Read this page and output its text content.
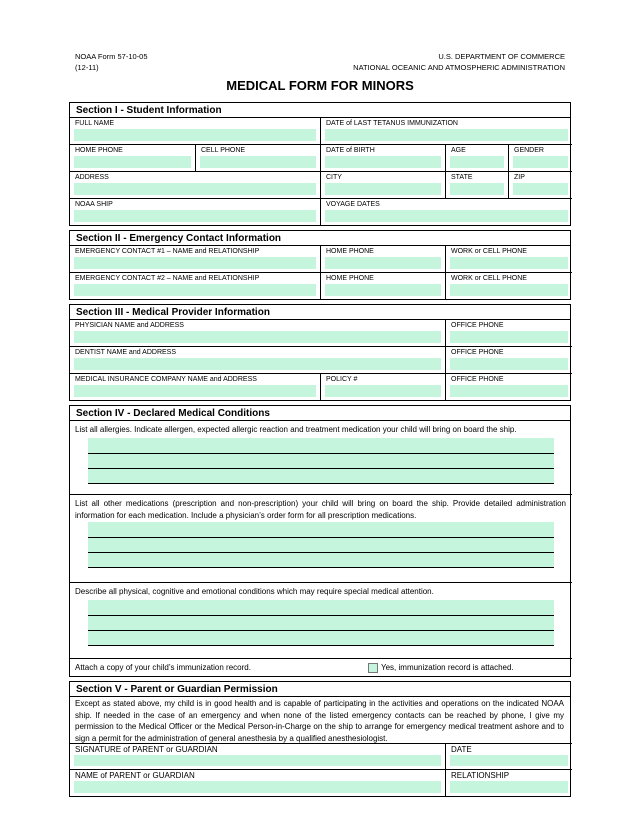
NOAA Form 57-10-05
(12-11)
U.S. DEPARTMENT OF COMMERCE
NATIONAL OCEANIC AND ATMOSPHERIC ADMINISTRATION
MEDICAL FORM FOR MINORS
Section I - Student Information
FULL NAME	DATE of LAST TETANUS IMMUNIZATION
HOME PHONE	CELL PHONE	DATE of BIRTH	AGE	GENDER
ADDRESS	CITY	STATE	ZIP
NOAA SHIP	VOYAGE DATES
Section II - Emergency Contact Information
EMERGENCY CONTACT #1 – NAME and RELATIONSHIP	HOME PHONE	WORK or CELL PHONE
EMERGENCY CONTACT #2 – NAME and RELATIONSHIP	HOME PHONE	WORK or CELL PHONE
Section III - Medical Provider Information
PHYSICIAN NAME and ADDRESS	OFFICE PHONE
DENTIST NAME and ADDRESS	OFFICE PHONE
MEDICAL INSURANCE COMPANY NAME and ADDRESS	POLICY #	OFFICE PHONE
Section IV - Declared Medical Conditions
List all allergies. Indicate allergen, expected allergic reaction and treatment medication your child will bring on board the ship.
List all other medications (prescription and non-prescription) your child will bring on board the ship. Provide detailed administration information for each medication. Include a physician’s order form for all prescription medications.
Describe all physical, cognitive and emotional conditions which may require special medical attention.
Attach a copy of your child’s immunization record.	Yes, immunization record is attached.
Section V - Parent or Guardian Permission
Except as stated above, my child is in good health and is capable of participating in the activities and operations on the indicated NOAA ship. If needed in the case of an emergency and when none of the listed emergency contacts can be reached by phone, I give my permission to the Medical Officer or the Medical Person-in-Charge on the ship to arrange for emergency medical treatment ashore and to sign a permit for the administration of general anesthesia by a qualified anesthesiologist.
SIGNATURE of PARENT or GUARDIAN	DATE
NAME of PARENT or GUARDIAN	RELATIONSHIP
